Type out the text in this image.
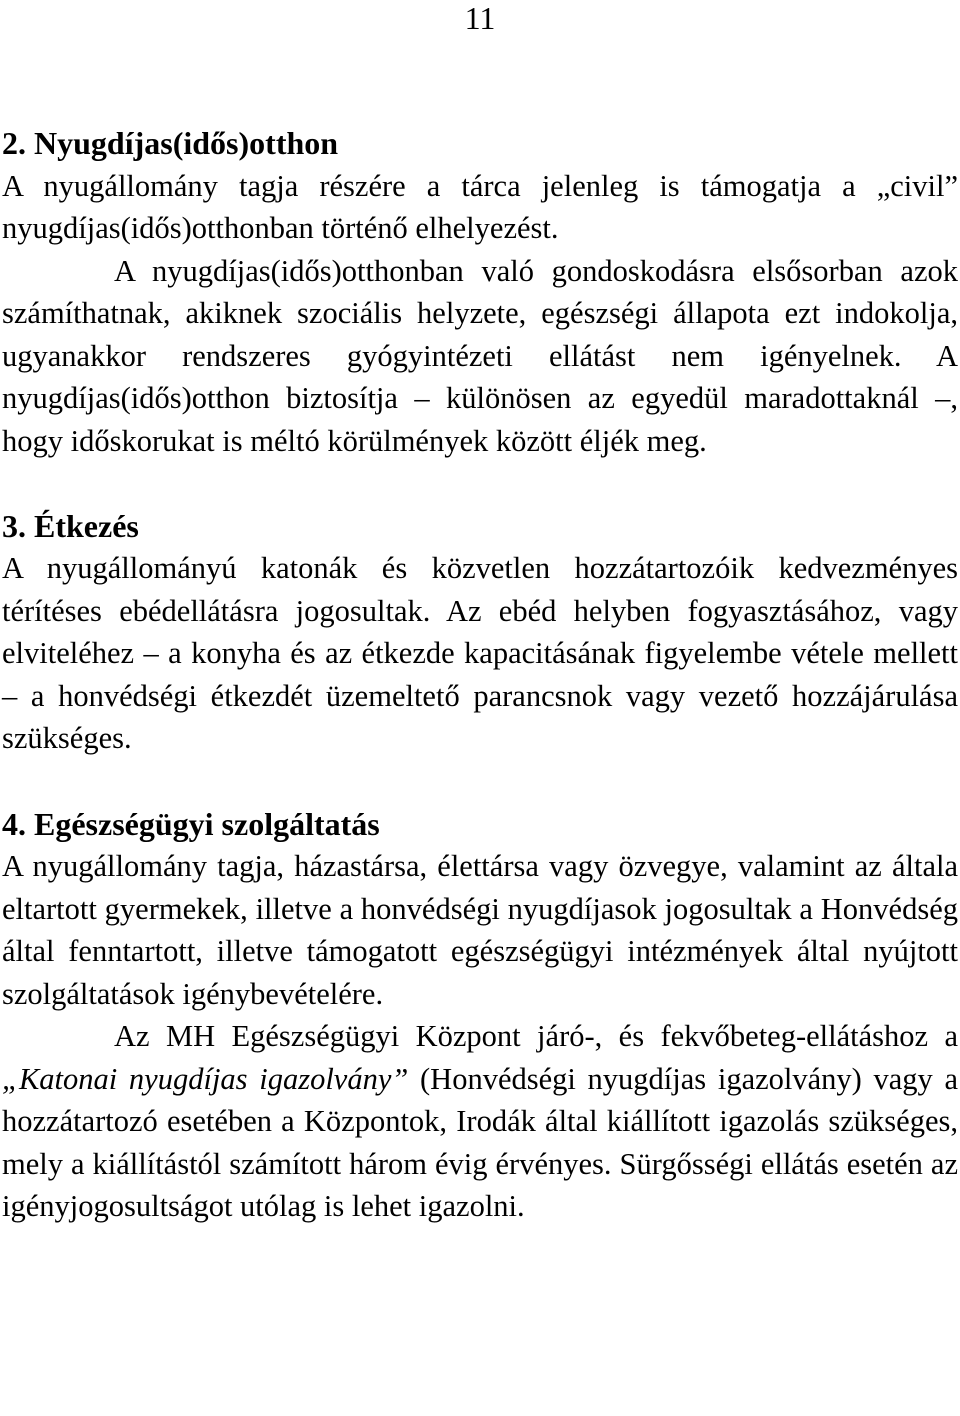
11
2. Nyugdíjas(idős)otthon

A nyugállomány tagja részére a tárca jelenleg is támogatja a „civil” nyugdíjas(idős)otthonban történő elhelyezést.

A nyugdíjas(idős)otthonban való gondoskodásra elsősorban azok számíthatnak, akiknek szociális helyzete, egészségi állapota ezt indokolja, ugyanakkor rendszeres gyógyintézeti ellátást nem igényelnek. A nyugdíjas(idős)otthon biztosítja – különösen az egyedül maradottaknál –, hogy időskorukat is méltó körülmények között éljék meg.

3. Étkezés

A nyugállományú katonák és közvetlen hozzátartozóik kedvezményes térítéses ebédellátásra jogosultak. Az ebéd helyben fogyasztásához, vagy elviteléhez – a konyha és az étkezde kapacitásának figyelembe vétele mellett – a honvédségi étkezdét üzemeltető parancsnok vagy vezető hozzájárulása szükséges.

4. Egészségügyi szolgáltatás

A nyugállomány tagja, házastársa, élettársa vagy özvegye, valamint az általa eltartott gyermekek, illetve a honvédségi nyugdíjasok jogosultak a Honvédség által fenntartott, illetve támogatott egészségügyi intézmények által nyújtott szolgáltatások igénybevételére.

Az MH Egészségügyi Központ járó-, és fekvőbeteg-ellátáshoz a „Katonai nyugdíjas igazolvány” (Honvédségi nyugdíjas igazolvány) vagy a hozzátartozó esetében a Központok, Irodák által kiállított igazolás szükséges, mely a kiállítástól számított három évig érvényes. Sürgősségi ellátás esetén az igényjogosultságot utólag is lehet igazolni.
